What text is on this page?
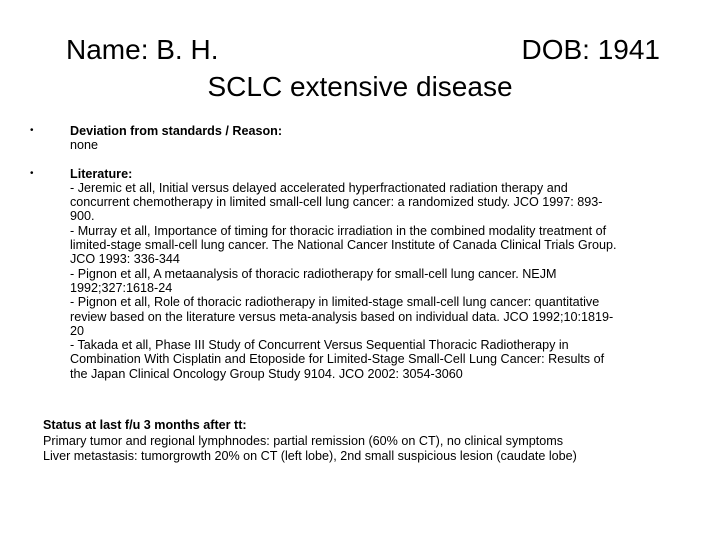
Name: B. H.	DOB: 1941
SCLC extensive disease
•	Deviation from standards / Reason:
none
•	Literature:
- Jeremic et all, Initial versus delayed accelerated hyperfractionated radiation therapy and
concurrent chemotherapy in limited small-cell lung cancer: a randomized study. JCO 1997: 893-
900.
- Murray et all, Importance of timing for thoracic irradiation in the combined modality treatment of
limited-stage small-cell lung cancer. The National Cancer Institute of Canada Clinical Trials Group.
JCO 1993: 336-344
- Pignon et all, A metaanalysis of thoracic radiotherapy for small-cell lung cancer. NEJM
1992;327:1618-24
- Pignon et all, Role of thoracic radiotherapy in limited-stage small-cell lung cancer: quantitative
review based on the literature versus meta-analysis based on individual data. JCO 1992;10:1819-
20
- Takada et all, Phase III Study of Concurrent Versus Sequential Thoracic Radiotherapy in
Combination With Cisplatin and Etoposide for Limited-Stage Small-Cell Lung Cancer: Results of
the Japan Clinical Oncology Group Study 9104. JCO 2002: 3054-3060
Status at last f/u 3 months after tt:
Primary tumor and regional lymphnodes: partial remission (60% on CT), no clinical symptoms
Liver metastasis: tumorgrowth 20% on CT (left lobe), 2nd small suspicious lesion (caudate lobe)
